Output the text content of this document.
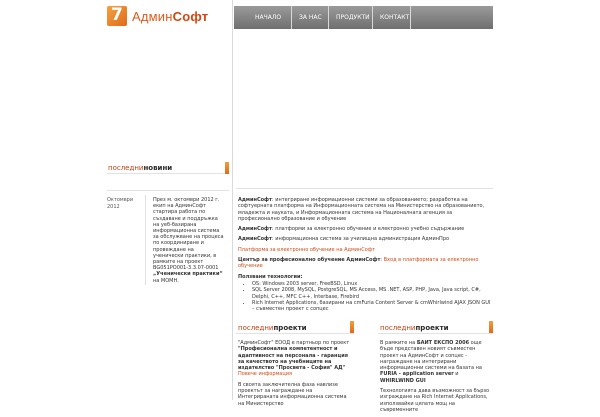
7 АдминСофт	НАЧАЛО	ЗА НАС	ПРОДУКТИ	КОНТАКТ
последниновини
Октомври 2012
През м. октомври 2012 г. екип на АдминСофт стартира работа по създаване и поддръжка на уеб-базирана информационна система за обслужване на процеса по координиране и провеждане на ученически практики, в рамките на проект BG051PO001-3.3.07-0001 „Ученически практики“ на МОМН.

АдминСофт: интегриране информационни системи за образованието; разработка на софтуерната платформа на Информационната система на Министерство на образованието, младежта и науката, и Информационната система на Националната агенция за професионално образование и обучение

АдминСофт: платформи за електронно обучение и електронно учебно съдържание

АдминСофт: информационна система за училищна администрация АдминПро

Платформа за електронно обучение на АдминСофт

Център за професионално обучение АдминСофт: Вход в платформата за електронно обучение

Ползвани технологии:

• OS: Windows 2003 server, FreeBSD, Linux
• SQL Server 2008, MySQL, PostgreSQL, MS Access, MS .NET, ASP, PHP, Java, Java script, C#, Delphi, C++, MFC C++, Interbase, Firebird
• Rich Internet Applications, базирани на cmFuria Content Server & cmWhirlwind AJAX JSON GUI – съвместен проект с сопцес
последнипроекти	последнипроекти

"АдминСофт" ЕООД е партньор по проект "Професионална компетентност и адаптивност на персонала - гаранция за качеството на учебниците на издателство "Просвета - София" АД"
Повече информация

В своята заключителна фаза навлизе проектът за награждане на Интегрираната информационна система на Министерство

В рамките на БАИТ ЕКСПО 2006 още бъде представен новият съвместен проект на АдминСофт и сопцес - награждане на интегрирани информационни системи на базата на FURIA - application server и WHIRLWIND GUI

Технологията дава възможност за бързо изграждане на Rich Internet Applications, използвайки цялата мощ на съвременните
